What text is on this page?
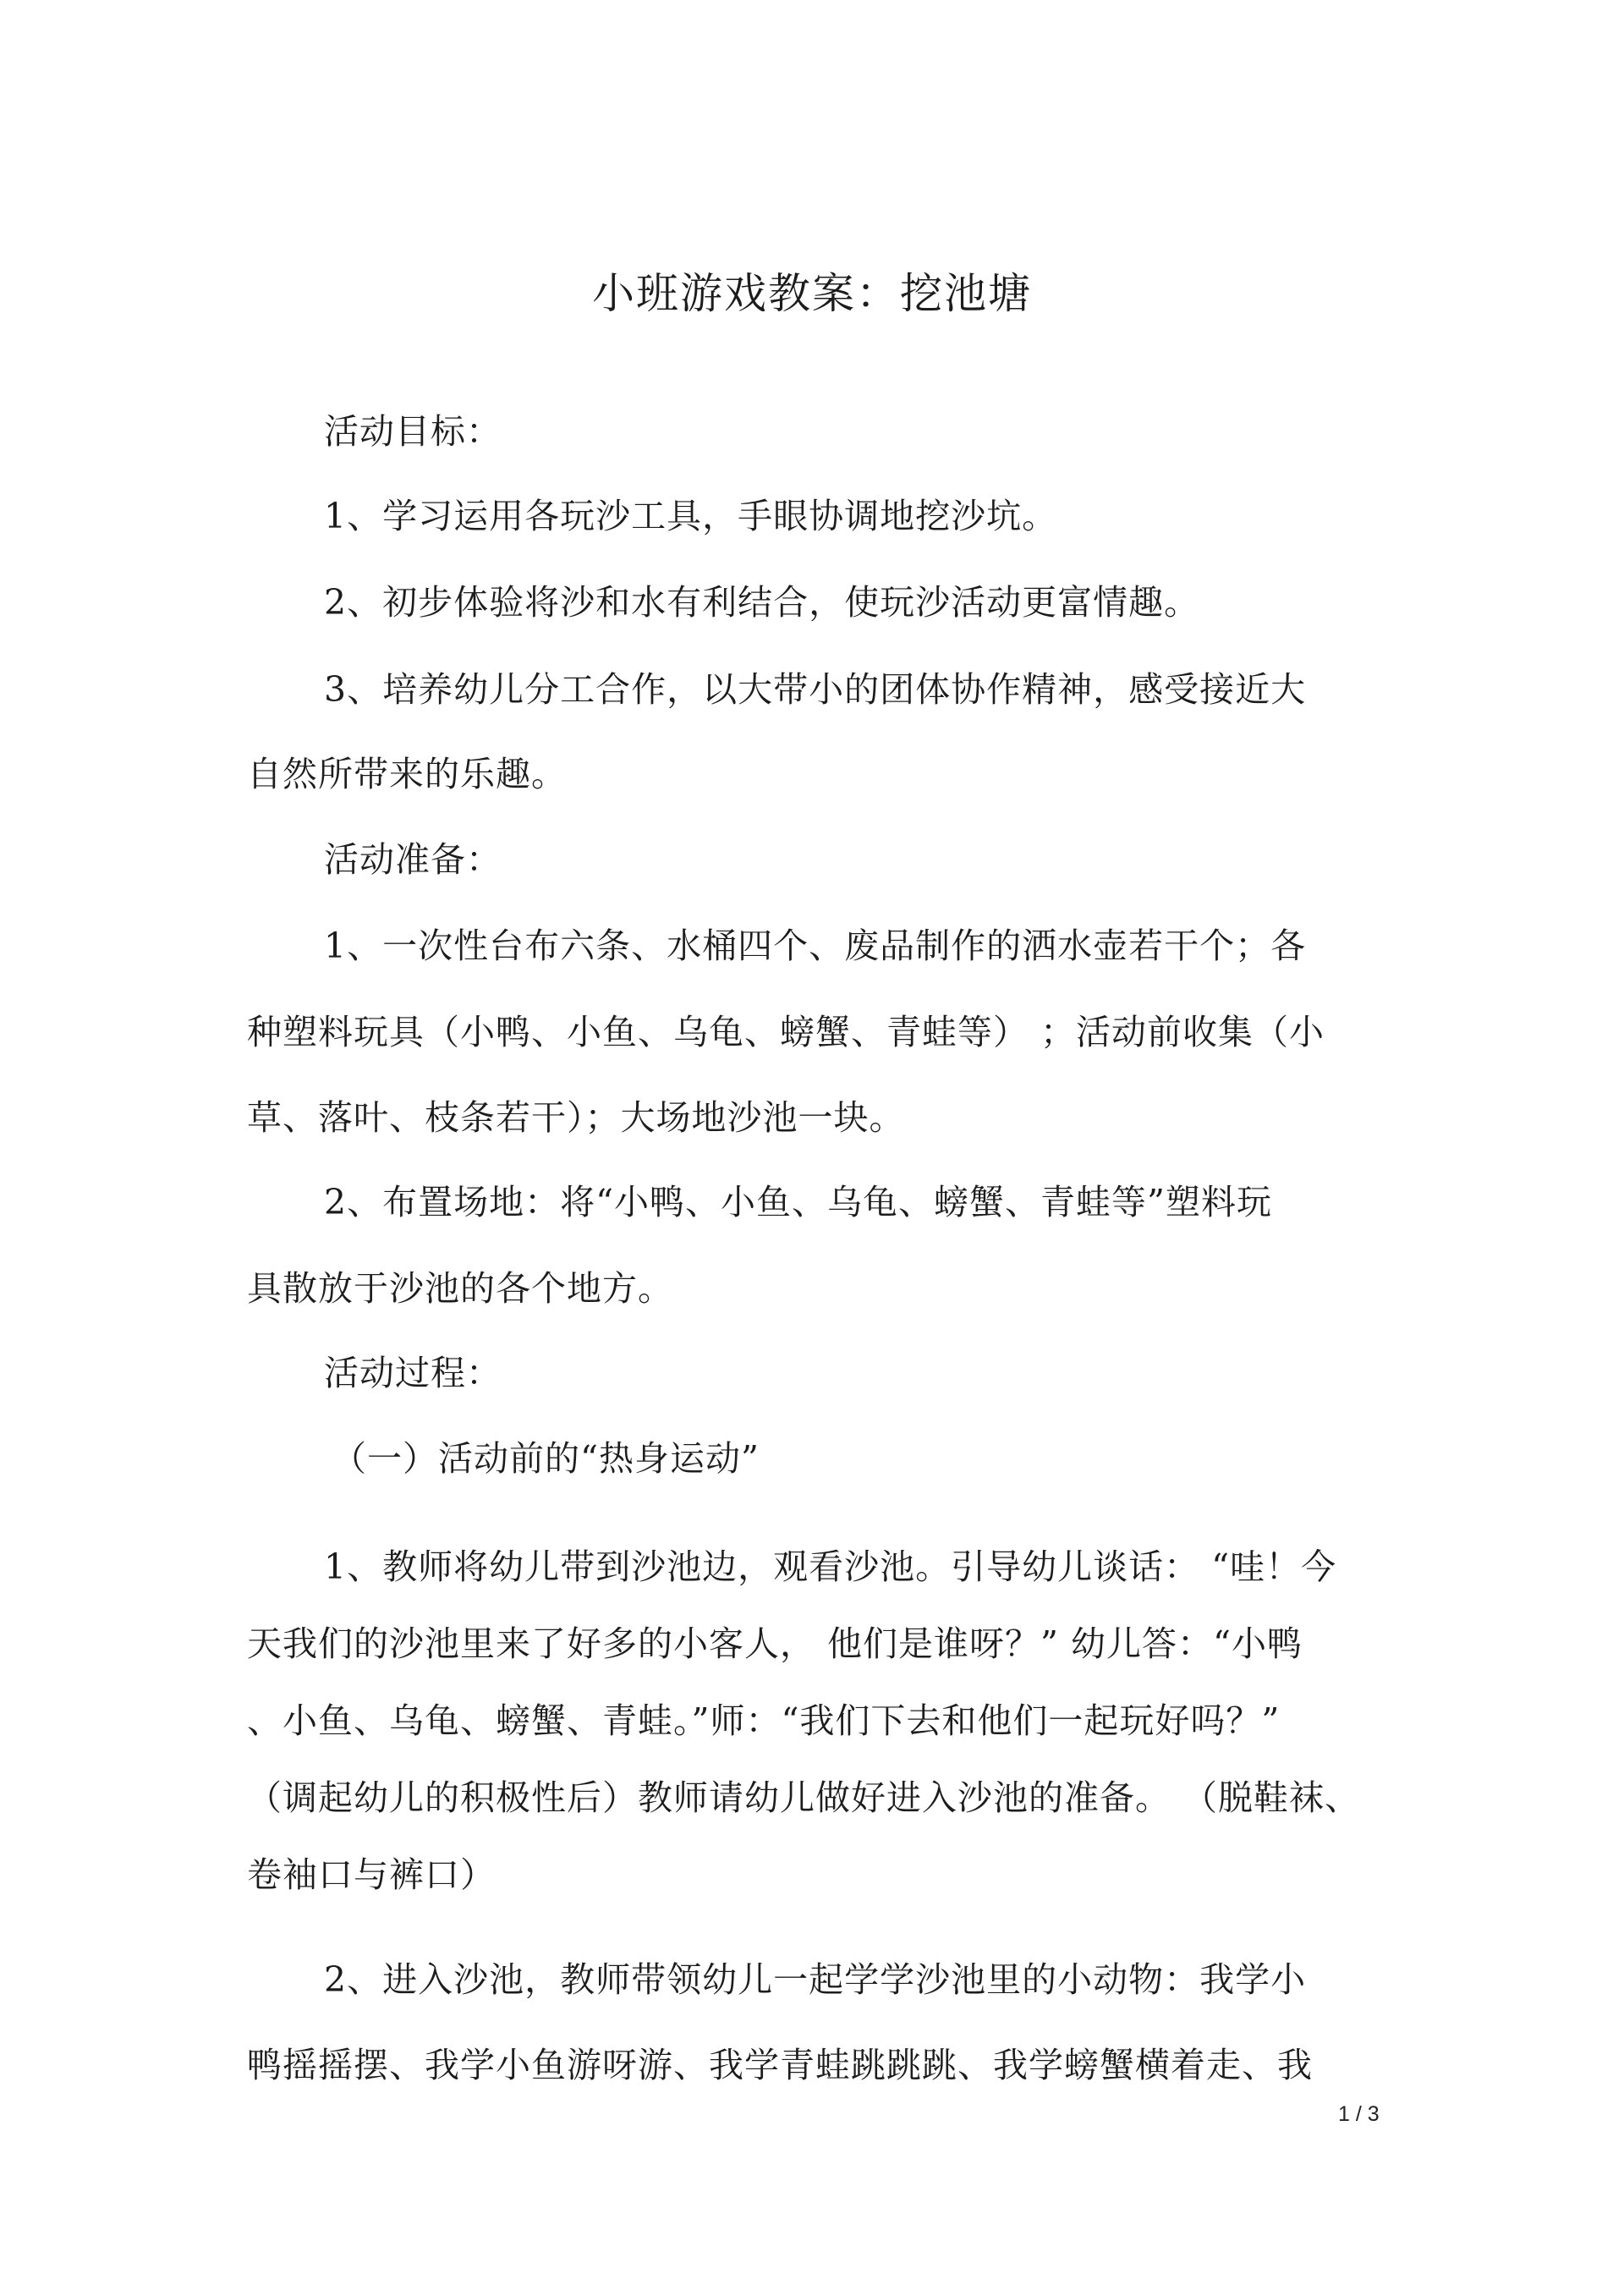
小班游戏教案：挖池塘
活动目标：
1、学习运用各玩沙工具，手眼协调地挖沙坑。
2、初步体验将沙和水有利结合，使玩沙活动更富情趣。
3、培养幼儿分工合作，以大带小的团体协作精神，感受接近大
自然所带来的乐趣。
活动准备：
1、一次性台布六条、水桶四个、废品制作的洒水壶若干个；各
种塑料玩具（小鸭、小鱼、乌龟、螃蟹、青蛙等） ；活动前收集（小
草、落叶、枝条若干）；大场地沙池一块。
2、布置场地：将“小鸭、小鱼、乌龟、螃蟹、青蛙等”塑料玩
具散放于沙池的各个地方。
活动过程：
（一）活动前的“热身运动”
1、教师将幼儿带到沙池边，观看沙池。引导幼儿谈话： “哇！今
天我们的沙池里来了好多的小客人， 他们是谁呀？” 幼儿答：“小鸭
、小鱼、乌龟、螃蟹、青蛙。”师：“我们下去和他们一起玩好吗？”
（调起幼儿的积极性后）教师请幼儿做好进入沙池的准备。 （脱鞋袜、
卷袖口与裤口）
2、进入沙池，教师带领幼儿一起学学沙池里的小动物：我学小
鸭摇摇摆、我学小鱼游呀游、我学青蛙跳跳跳、我学螃蟹横着走、我
1 / 3
